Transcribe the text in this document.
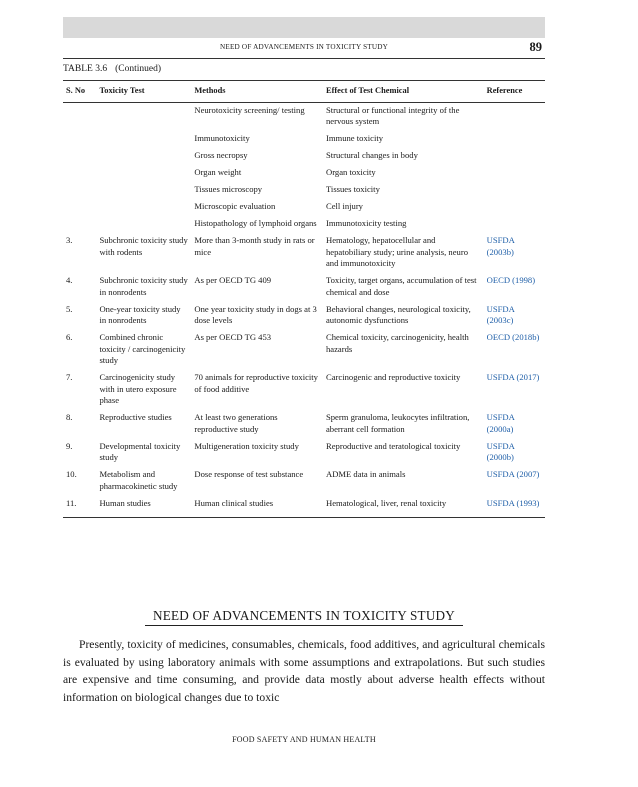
NEED OF ADVANCEMENTS IN TOXICITY STUDY	89
TABLE 3.6 (Continued)
S. No	Toxicity Test	Methods	Effect of Test Chemical	Reference
		Neurotoxicity screening/ testing	Structural or functional integrity of the nervous system	
		Immunotoxicity	Immune toxicity	
		Gross necropsy	Structural changes in body	
		Organ weight	Organ toxicity	
		Tissues microscopy	Tissues toxicity	
		Microscopic evaluation	Cell injury	
		Histopathology of lymphoid organs	Immunotoxicity testing	
3.	Subchronic toxicity study with rodents	More than 3-month study in rats or mice	Hematology, hepatocellular and hepatobiliary study; urine analysis, neuro and immunotoxicity	USFDA (2003b)
4.	Subchronic toxicity study in nonrodents	As per OECD TG 409	Toxicity, target organs, accumulation of test chemical and dose	OECD (1998)
5.	One-year toxicity study in nonrodents	One year toxicity study in dogs at 3 dose levels	Behavioral changes, neurological toxicity, autonomic dysfunctions	USFDA (2003c)
6.	Combined chronic toxicity / carcinogenicity study	As per OECD TG 453	Chemical toxicity, carcinogenicity, health hazards	OECD (2018b)
7.	Carcinogenicity study with in utero exposure phase	70 animals for reproductive toxicity of food additive	Carcinogenic and reproductive toxicity	USFDA (2017)
8.	Reproductive studies	At least two generations reproductive study	Sperm granuloma, leukocytes infiltration, aberrant cell formation	USFDA (2000a)
9.	Developmental toxicity study	Multigeneration toxicity study	Reproductive and teratological toxicity	USFDA (2000b)
10.	Metabolism and pharmacokinetic study	Dose response of test substance	ADME data in animals	USFDA (2007)
11.	Human studies	Human clinical studies	Hematological, liver, renal toxicity	USFDA (1993)
NEED OF ADVANCEMENTS IN TOXICITY STUDY

Presently, toxicity of medicines, consumables, chemicals, food additives, and agricultural chemicals is evaluated by using laboratory animals with some assumptions and extrapolations. But such studies are expensive and time consuming, and provide data mostly about adverse health effects without information on biological changes due to toxic

FOOD SAFETY AND HUMAN HEALTH
